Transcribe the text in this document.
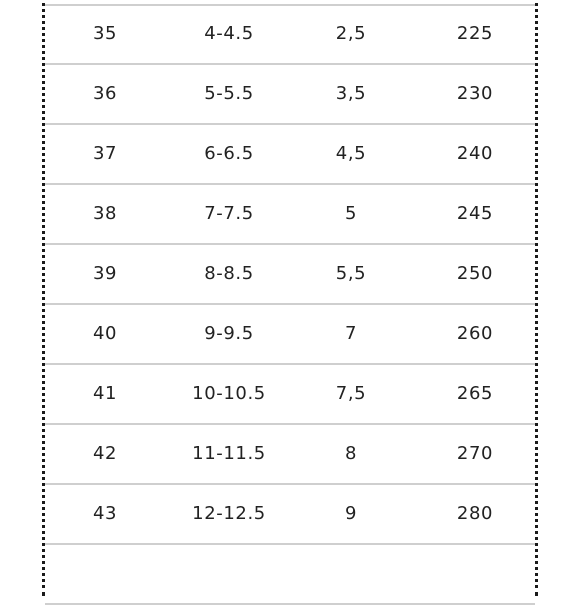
35	4-4.5	2,5	225
36	5-5.5	3,5	230
37	6-6.5	4,5	240
38	7-7.5	5	245
39	8-8.5	5,5	250
40	9-9.5	7	260
41	10-10.5	7,5	265
42	11-11.5	8	270
43	12-12.5	9	280
